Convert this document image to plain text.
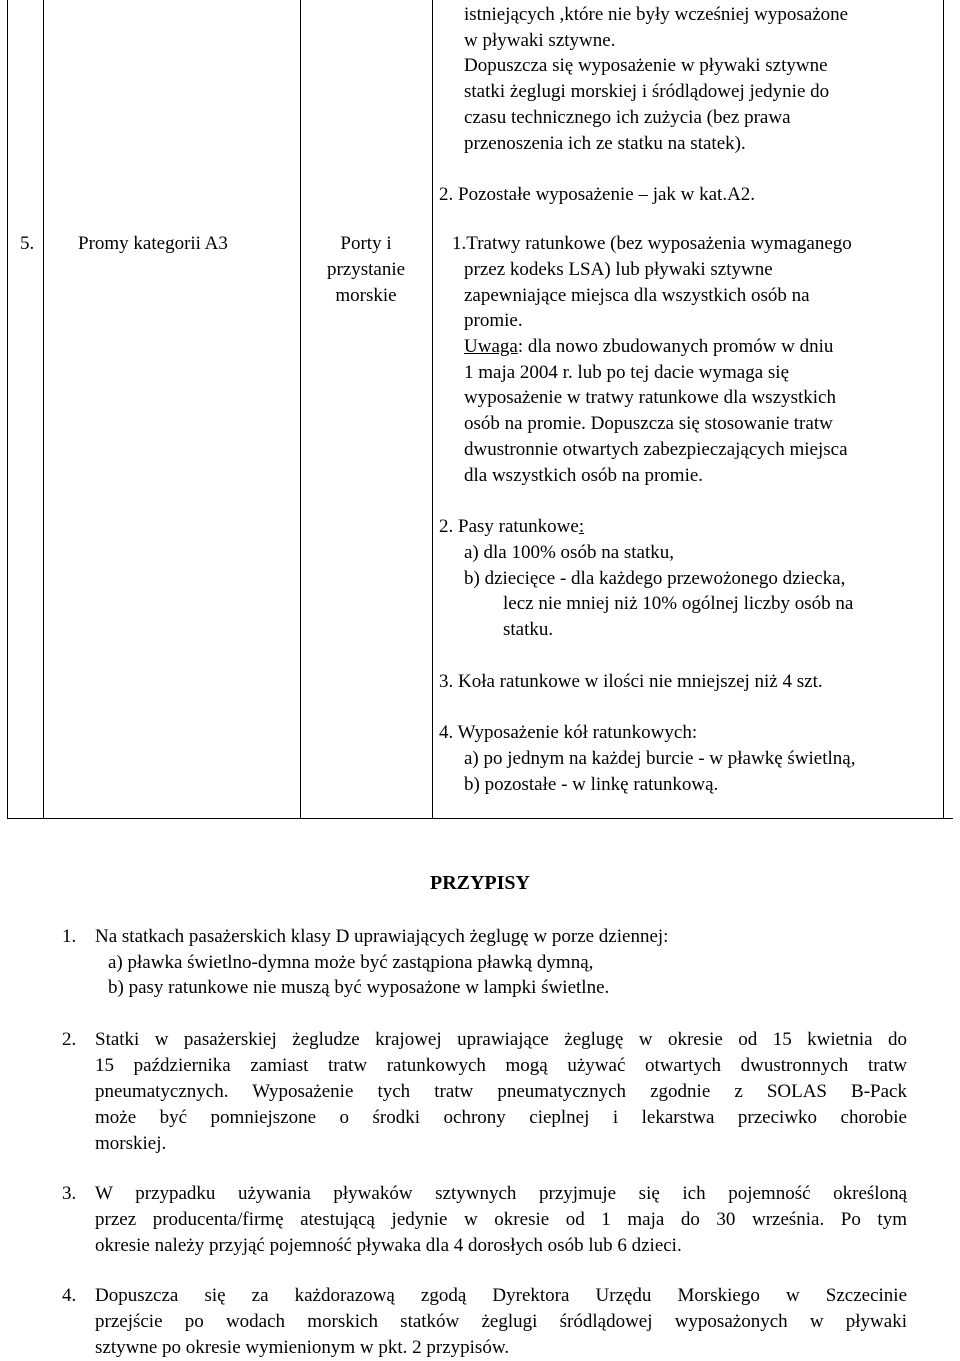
istniejących ,które nie były wcześniej wyposażone
w pływaki sztywne.
Dopuszcza się wyposażenie w pływaki sztywne
statki żeglugi morskiej i śródlądowej jedynie do
czasu technicznego ich zużycia (bez prawa
przenoszenia ich ze statku na statek).
2. Pozostałe wyposażenie – jak w kat.A2.
5. Promy kategorii A3	Porty i
przystanie
morskie
1.Tratwy ratunkowe (bez wyposażenia wymaganego
przez kodeks LSA) lub pływaki sztywne
zapewniające miejsca dla wszystkich osób na
promie.
Uwaga: dla nowo zbudowanych promów w dniu
1 maja 2004 r. lub po tej dacie wymaga się
wyposażenie w tratwy ratunkowe dla wszystkich
osób na promie. Dopuszcza się stosowanie tratw
dwustronnie otwartych zabezpieczających miejsca
dla wszystkich osób na promie.
2. Pasy ratunkowe:
a) dla 100% osób na statku,
b) dziecięce - dla każdego przewożonego dziecka,
lecz nie mniej niż 10% ogólnej liczby osób na
statku.
3. Koła ratunkowe w ilości nie mniejszej niż 4 szt.
4. Wyposażenie kół ratunkowych:
a) po jednym na każdej burcie - w pławkę świetlną,
b) pozostałe - w linkę ratunkową.
PRZYPISY
1. Na statkach pasażerskich klasy D uprawiających żeglugę w porze dziennej:
a) pławka świetlno-dymna może być zastąpiona pławką dymną,
b) pasy ratunkowe nie muszą być wyposażone w lampki świetlne.
2. Statki w pasażerskiej żegludze krajowej uprawiające żeglugę w okresie od 15 kwietnia do
15 października zamiast tratw ratunkowych mogą używać otwartych dwustronnych tratw
pneumatycznych. Wyposażenie tych tratw pneumatycznych zgodnie z SOLAS B-Pack
może być pomniejszone o środki ochrony cieplnej i lekarstwa przeciwko chorobie
morskiej.
3. W przypadku używania pływaków sztywnych przyjmuje się ich pojemność określoną
przez producenta/firmę atestującą jedynie w okresie od 1 maja do 30 września. Po tym
okresie należy przyjąć pojemność pływaka dla 4 dorosłych osób lub 6 dzieci.
4. Dopuszcza się za każdorazową zgodą Dyrektora Urzędu Morskiego w Szczecinie
przejście po wodach morskich statków żeglugi śródlądowej wyposażonych w pływaki
sztywne po okresie wymienionym w pkt. 2 przypisów.
